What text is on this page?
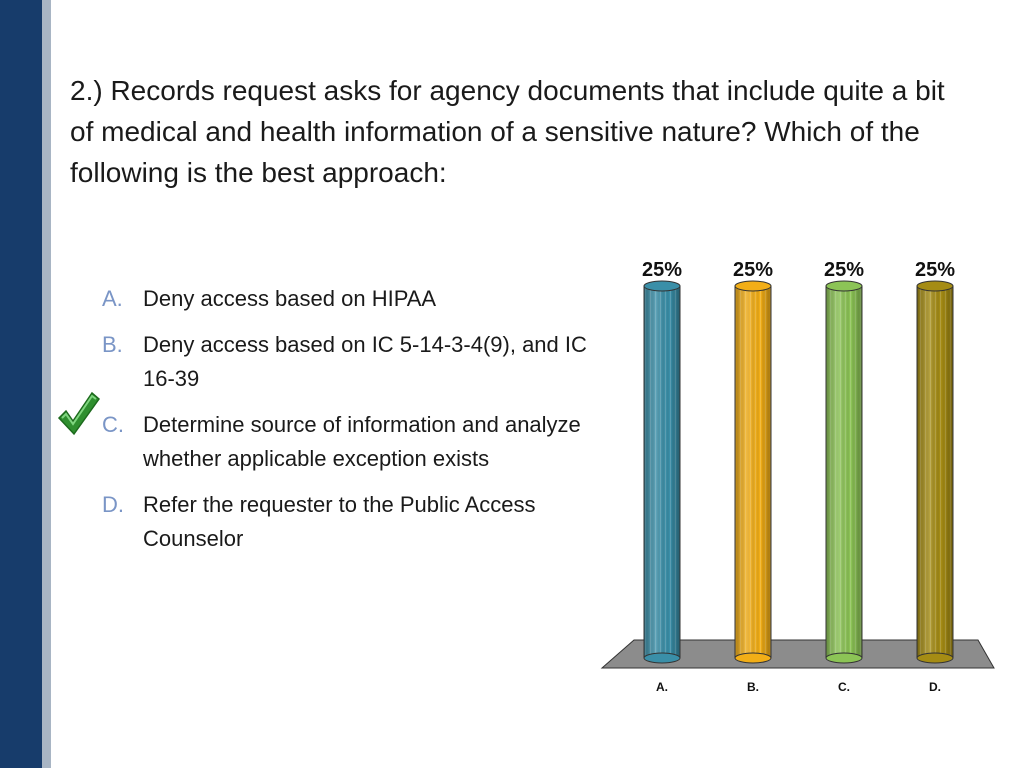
2.) Records request asks for agency documents that include quite a bit of medical and health information of a sensitive nature? Which of the following is the best approach:
A. Deny access based on HIPAA
B. Deny access based on IC 5-14-3-4(9), and IC 16-39
C. Determine source of information and analyze whether applicable exception exists
D. Refer the requester to the Public Access Counselor
25%
A.
25%
B.
25%
C.
25%
D.
